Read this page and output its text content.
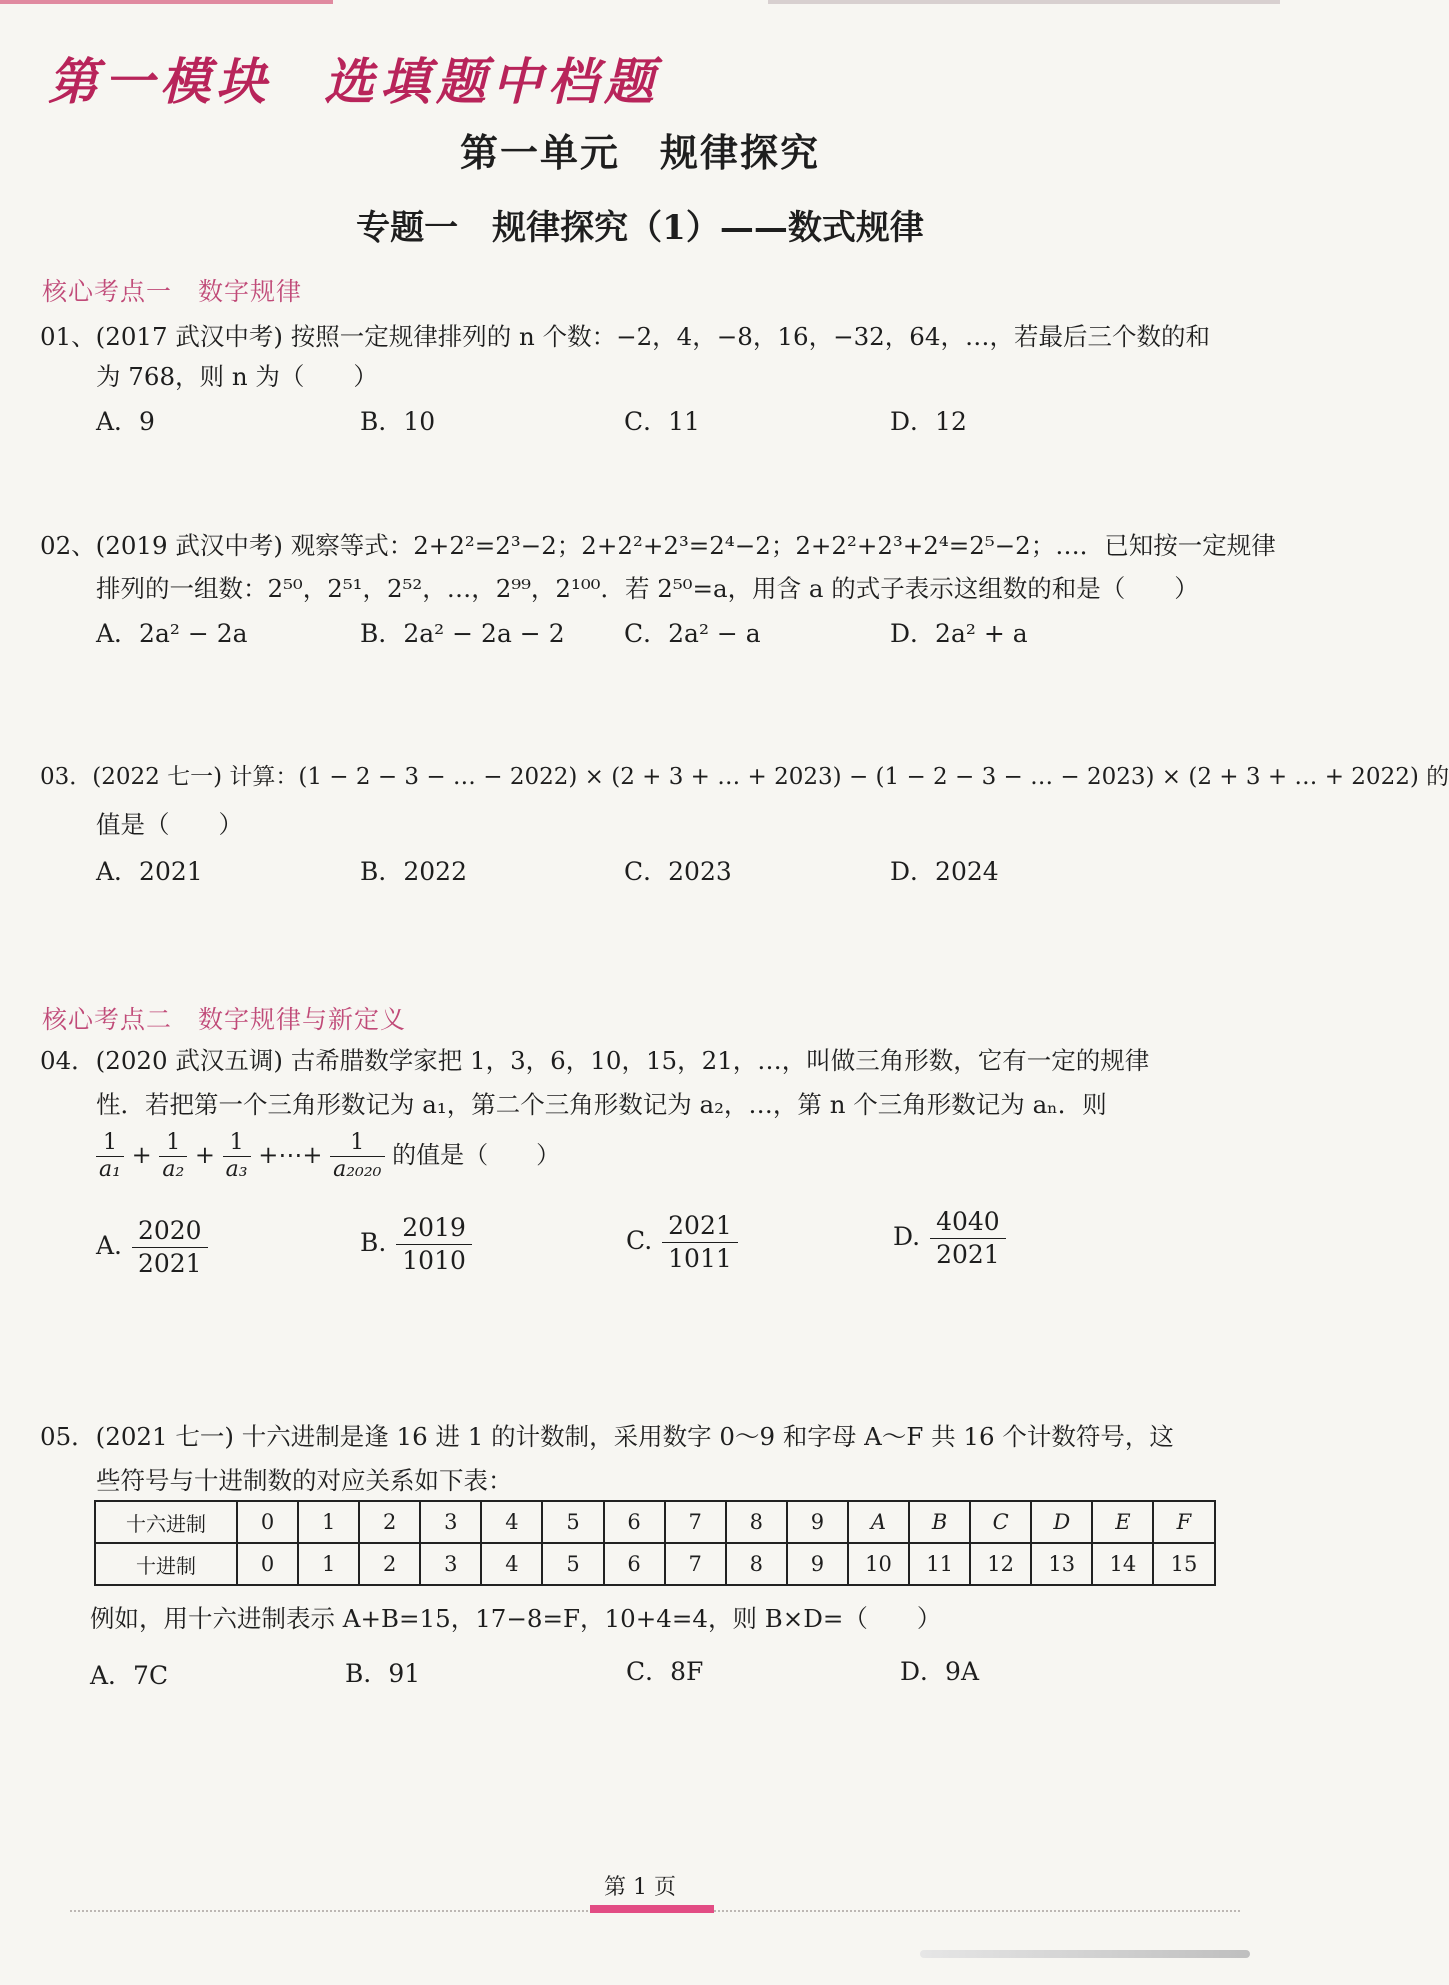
第一模块 选填题中档题
第一单元　规律探究
专题一　规律探究（1）——数式规律
核心考点一　数字规律
01、(2017 武汉中考) 按照一定规律排列的 n 个数：−2，4，−8，16，−32，64，…，若最后三个数的和
为 768，则 n 为（　　）
A．9	B．10	C．11	D．12
02、(2019 武汉中考) 观察等式：2+2²=2³−2；2+2²+2³=2⁴−2；2+2²+2³+2⁴=2⁵−2；…．已知按一定规律
排列的一组数：2⁵⁰，2⁵¹，2⁵²，…，2⁹⁹，2¹⁰⁰．若 2⁵⁰=a，用含 a 的式子表示这组数的和是（　　）
A．2a² − 2a	B．2a² − 2a − 2 C．2a² − a	D．2a² + a
03．(2022 七一) 计算：(1 − 2 − 3 − … − 2022) × (2 + 3 + … + 2023) − (1 − 2 − 3 − … − 2023) × (2 + 3 + … + 2022) 的
值是（　　）
A．2021	B．2022	C．2023	D．2024
核心考点二　数字规律与新定义
04．(2020 武汉五调) 古希腊数学家把 1，3，6，10，15，21，…，叫做三角形数，它有一定的规律
性．若把第一个三角形数记为 a₁，第二个三角形数记为 a₂，…，第 n 个三角形数记为 aₙ．则
$\frac{1}{\text{a₁}} + \frac{1}{\text{a₂}} + \frac{1}{\text{a₃}}$ +⋯+ $\frac{1}{\text{a₂₀₂₀}}$ 的值是（　　）
A. $\frac{2020}{2021}$	B. $\frac{2019}{1010}$	C. $\frac{2021}{1011}$	D. $\frac{4040}{2021}$
05．(2021 七一) 十六进制是逢 16 进 1 的计数制，采用数字 0～9 和字母 A～F 共 16 个计数符号，这
些符号与十进制数的对应关系如下表：
十六进制	0	1	2	3	4	5	6	7	8	9	A	B	C	D	E	F
十进制	0	1	2	3	4	5	6	7	8	9	10	11	12	13	14	15
例如，用十六进制表示 A+B=15，17−8=F，10+4=4，则 B×D=（　　）
A．7C	B．91	C．8F	D．9A
第 1 页
